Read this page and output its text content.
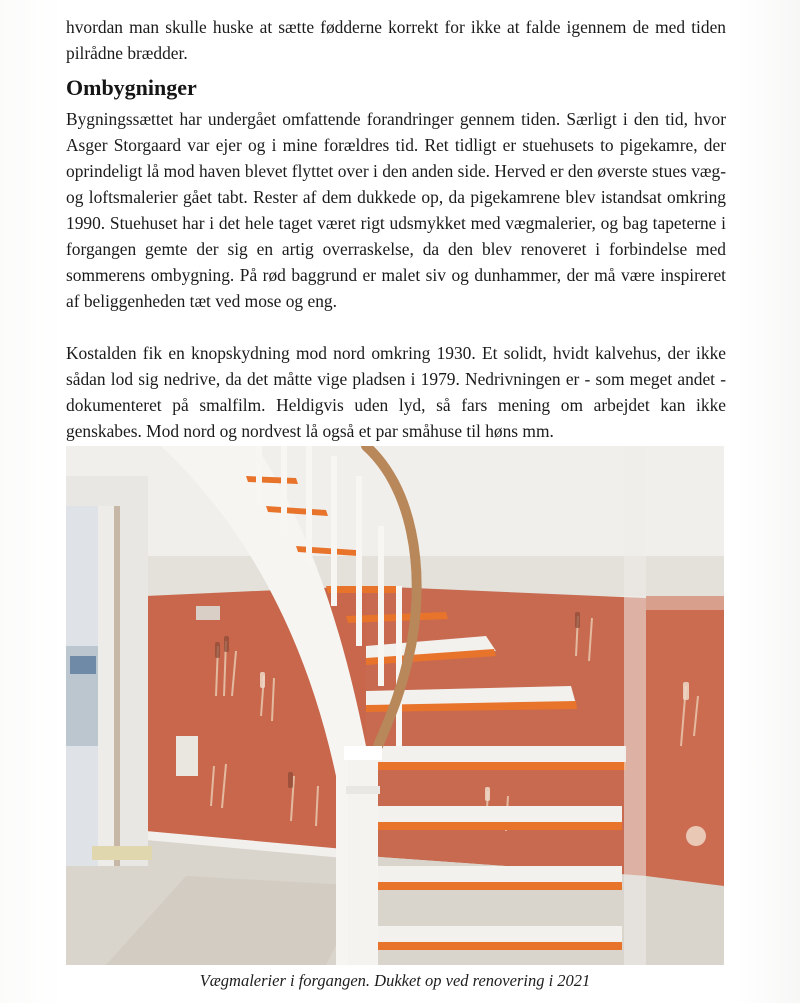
hvordan man skulle huske at sætte fødderne korrekt for ikke at falde igennem de med tiden pilrådne brædder.

Ombygninger

Bygningssættet har undergået omfattende forandringer gennem tiden. Særligt i den tid, hvor Asger Storgaard var ejer og i mine forældres tid. Ret tidligt er stuehusets to pigekamre, der oprindeligt lå mod haven blevet flyttet over i den anden side. Herved er den øverste stues væg- og loftsmalerier gået tabt. Rester af dem dukkede op, da pigekamrene blev istandsat omkring 1990. Stuehuset har i det hele taget været rigt udsmykket med vægmalerier, og bag tapeterne i forgangen gemte der sig en artig overraskelse, da den blev renoveret i forbindelse med sommerens ombygning. På rød baggrund er malet siv og dunhammer, der må være inspireret af beliggenheden tæt ved mose og eng.

Kostalden fik en knopskydning mod nord omkring 1930. Et solidt, hvidt kalvehus, der ikke sådan lod sig nedrive, da det måtte vige pladsen i 1979. Nedrivningen er - som meget andet - dokumenteret på smalfilm. Heldigvis uden lyd, så fars mening om arbejdet kan ikke genskabes. Mod nord og nordvest lå også et par småhuse til høns mm.

Vægmalerier i forgangen. Dukket op ved renovering i 2021
